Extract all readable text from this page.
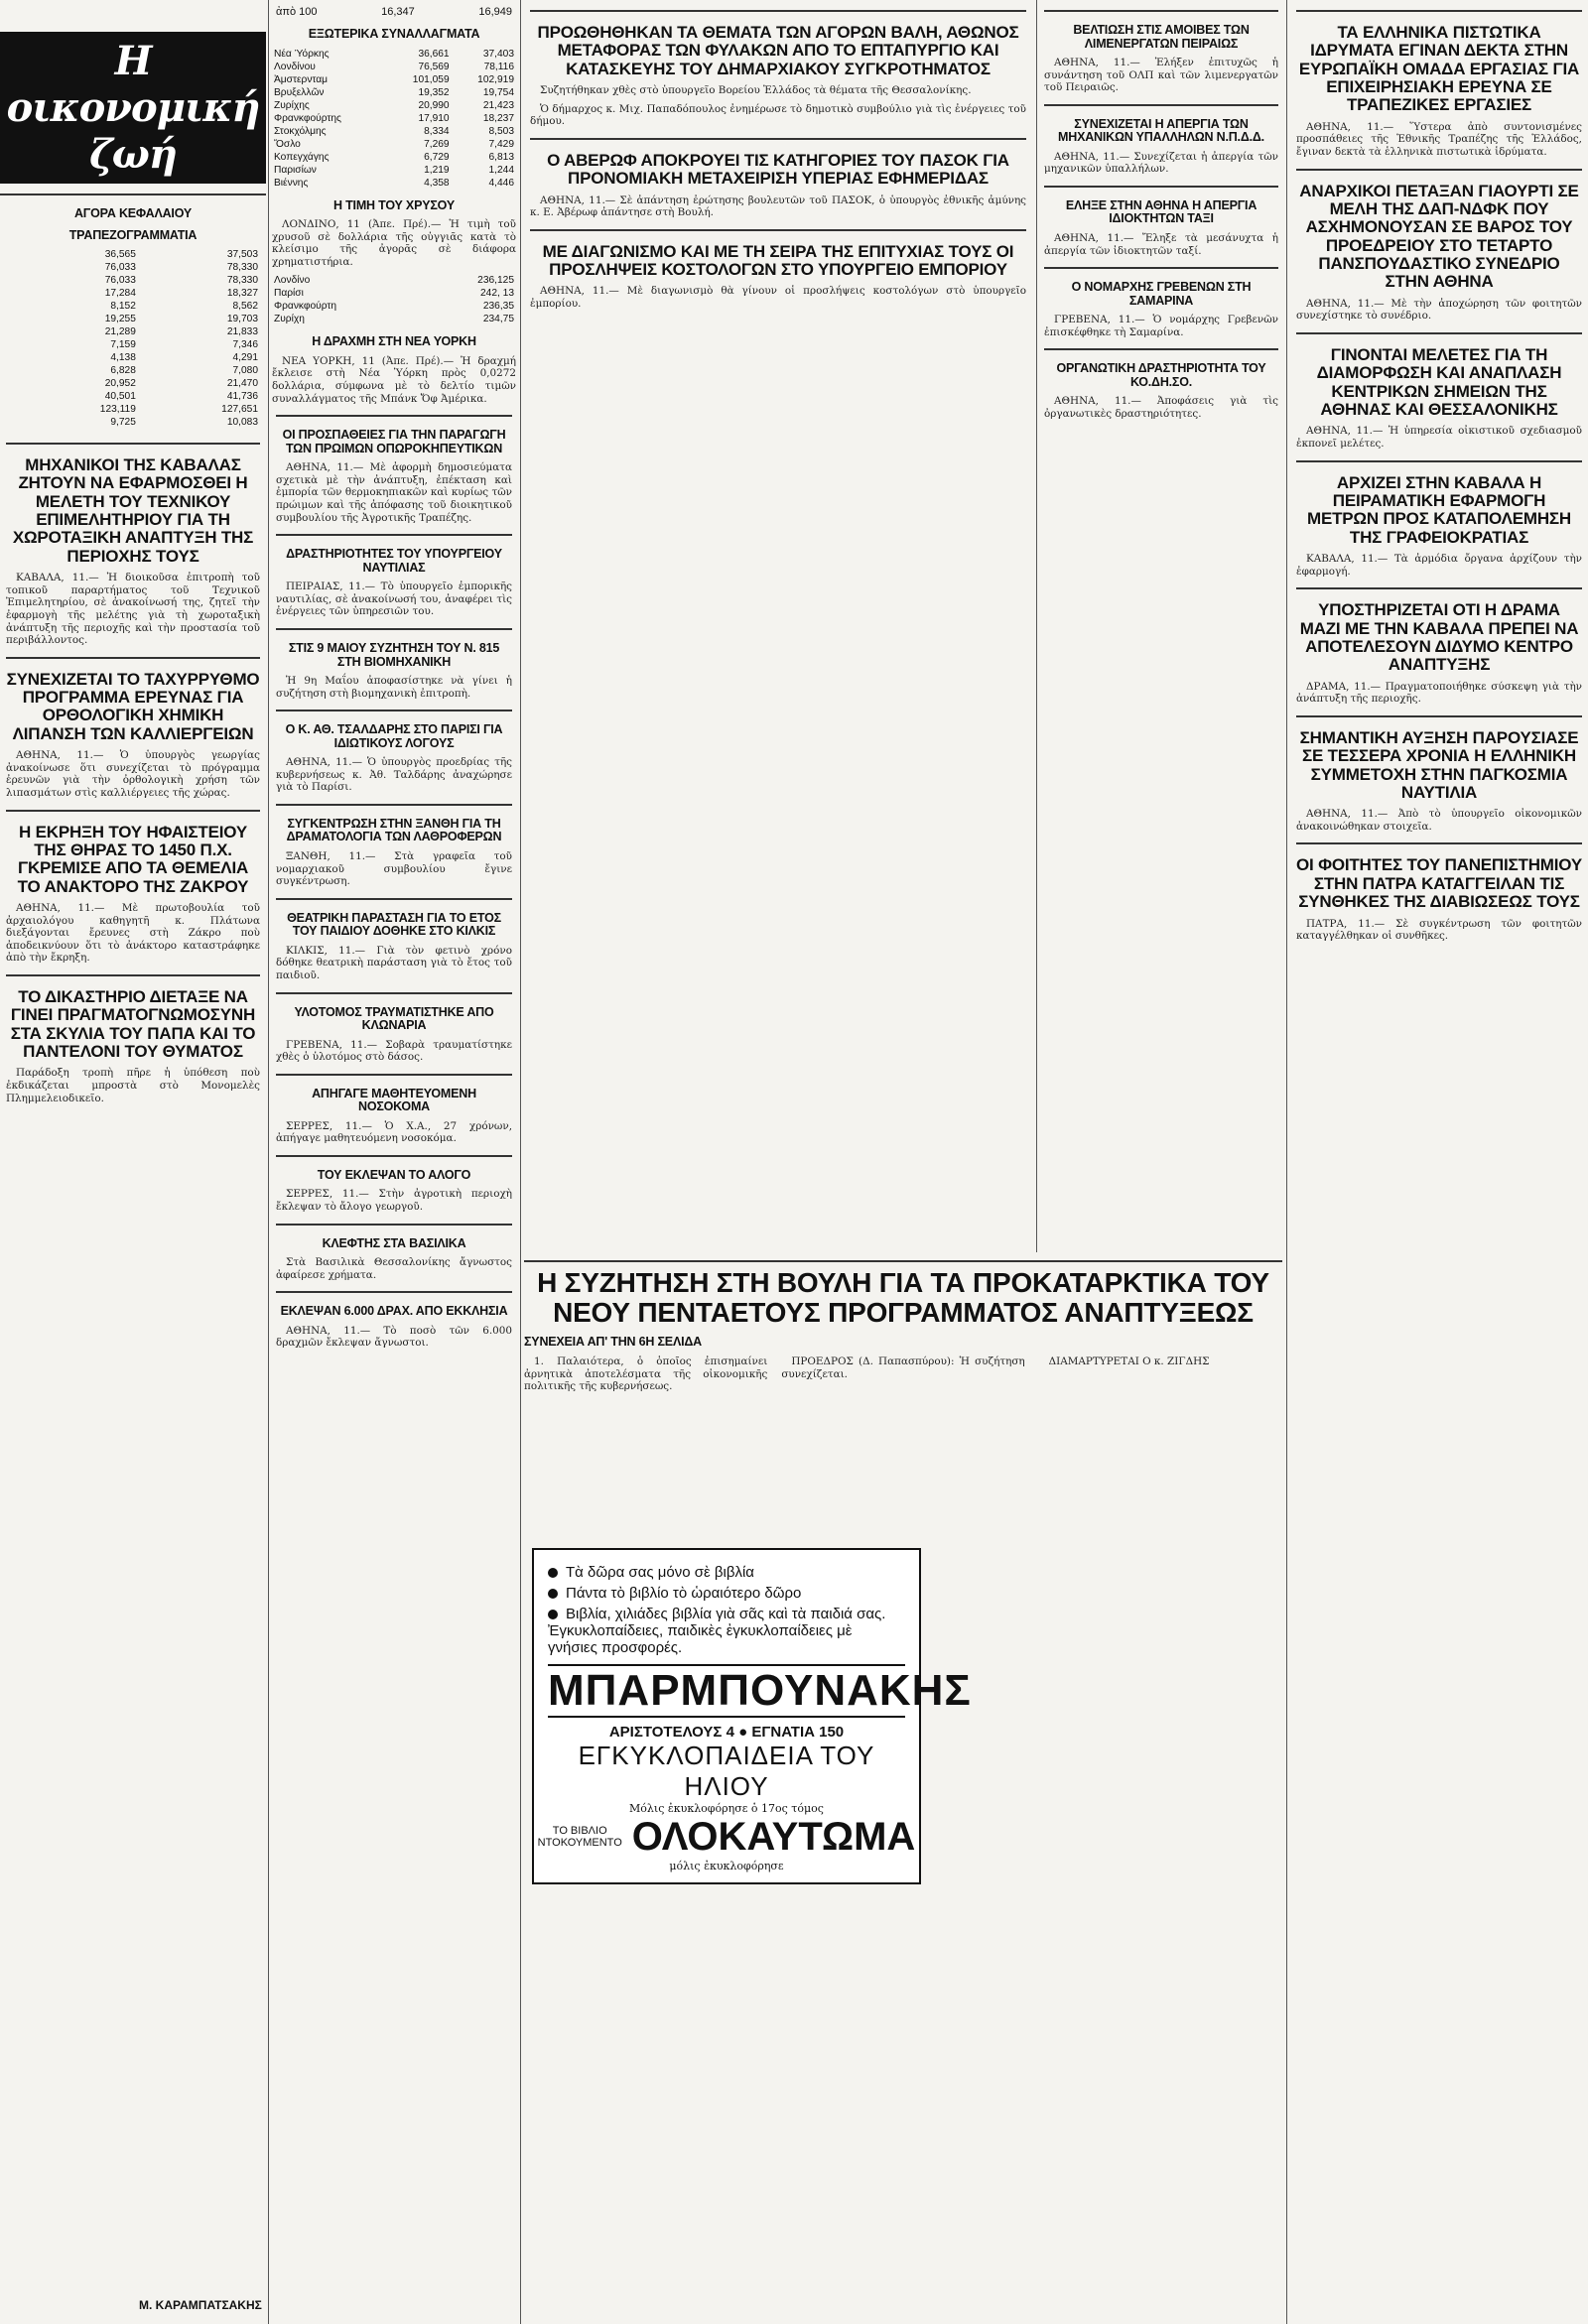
Η οικονομική ζωή
ΑΓΟΡΑ ΚΕΦΑΛΑΙΟΥ
ΤΡΑΠΕΖΟΓΡΑΜΜΑΤΙΑ
	36,565	37,503
	76,033	78,330
	76,033	78,330
	17,284	18,327
	8,152	8,562
	19,255	19,703
	21,289	21,833
	7,159	7,346
	4,138	4,291
	6,828	7,080
	20,952	21,470
	40,501	41,736
	123,119	127,651
	9,725	10,083
ΜΗΧΑΝΙΚΟΙ ΤΗΣ ΚΑΒΑΛΑΣ ΖΗΤΟΥΝ ΝΑ ΕΦΑΡΜΟΣΘΕΙ Η ΜΕΛΕΤΗ ΤΟΥ ΤΕΧΝΙΚΟΥ ΕΠΙΜΕΛΗΤΗΡΙΟΥ ΓΙΑ ΤΗ ΧΩΡΟΤΑΞΙΚΗ ΑΝΑΠΤΥΞΗ ΤΗΣ ΠΕΡΙΟΧΗΣ ΤΟΥΣ

ΚΑΒΑΛΑ, 11.— Ἡ διοικοῦσα ἐπιτροπὴ τοῦ τοπικοῦ παραρτήματος τοῦ Τεχνικοῦ Ἐπιμελητηρίου, σὲ ἀνακοίνωσή της, ζητεῖ τὴν ἐφαρμογὴ τῆς μελέτης γιὰ τὴ χωροταξικὴ ἀνάπτυξη τῆς περιοχῆς καὶ τὴν προστασία τοῦ περιβάλλοντος.

ΣΥΝΕΧΙΖΕΤΑΙ ΤΟ ΤΑΧΥΡΡΥΘΜΟ ΠΡΟΓΡΑΜΜΑ ΕΡΕΥΝΑΣ ΓΙΑ ΟΡΘΟΛΟΓΙΚΗ ΧΗΜΙΚΗ ΛΙΠΑΝΣΗ ΤΩΝ ΚΑΛΛΙΕΡΓΕΙΩΝ

ΑΘΗΝΑ, 11.— Ὁ ὑπουργὸς γεωργίας ἀνακοίνωσε ὅτι συνεχίζεται τὸ πρόγραμμα ἐρευνῶν γιὰ τὴν ὀρθολογικὴ χρήση τῶν λιπασμάτων στὶς καλλιέργειες τῆς χώρας.

Η ΕΚΡΗΞΗ ΤΟΥ ΗΦΑΙΣΤΕΙΟΥ ΤΗΣ ΘΗΡΑΣ ΤΟ 1450 Π.Χ. ΓΚΡΕΜΙΣΕ ΑΠΟ ΤΑ ΘΕΜΕΛΙΑ ΤΟ ΑΝΑΚΤΟΡΟ ΤΗΣ ΖΑΚΡΟΥ

ΑΘΗΝΑ, 11.— Μὲ πρωτοβουλία τοῦ ἀρχαιολόγου καθηγητῆ κ. Πλάτωνα διεξάγονται ἔρευνες στὴ Ζάκρο ποὺ ἀποδεικνύουν ὅτι τὸ ἀνάκτορο καταστράφηκε ἀπὸ τὴν ἔκρηξη.

ΤΟ ΔΙΚΑΣΤΗΡΙΟ ΔΙΕΤΑΞΕ ΝΑ ΓΙΝΕΙ ΠΡΑΓΜΑΤΟΓΝΩΜΟΣΥΝΗ ΣΤΑ ΣΚΥΛΙΑ ΤΟΥ ΠΑΠΑ ΚΑΙ ΤΟ ΠΑΝΤΕΛΟΝΙ ΤΟΥ ΘΥΜΑΤΟΣ

Παράδοξη τροπὴ πῆρε ἡ ὑπόθεση ποὺ ἐκδικάζεται μπροστὰ στὸ Μονομελὲς Πλημμελειοδικεῖο.

ἀπὸ 100	16,347	16,949
ΕΞΩΤΕΡΙΚΑ ΣΥΝΑΛΛΑΓΜΑΤΑ
Νέα Ύόρκης	36,661	37,403
Λονδίνου	76,569	78,116
Ἀμστερνταμ	101,059	102,919
Βρυξελλῶν	19,352	19,754
Ζυρίχης	20,990	21,423
Φρανκφούρτης	17,910	18,237
Στοκχόλμης	8,334	8,503
Ὄσλο	7,269	7,429
Κοπεγχάγης	6,729	6,813
Παρισίων	1,219	1,244
Βιέννης	4,358	4,446
Η ΤΙΜΗ ΤΟΥ ΧΡΥΣΟΥ

ΛΟΝΔΙΝΟ, 11 (Ἀπε. Πρέ).— Ἡ τιμὴ τοῦ χρυσοῦ σὲ δολλάρια τῆς οὐγγιᾶς κατὰ τὸ κλείσιμο τῆς ἀγορᾶς σὲ διάφορα χρηματιστήρια.

Λονδίνο	236,125
Παρίσι	242, 13
Φρανκφούρτη	236,35
Ζυρίχη	234,75
Η ΔΡΑΧΜΗ ΣΤΗ ΝΕΑ ΥΟΡΚΗ

ΝΕΑ ΥΟΡΚΗ, 11 (Ἀπε. Πρέ).— Ἡ δραχμή ἔκλεισε στὴ Νέα Ὑόρκη πρὸς 0,0272 δολλάρια, σύμφωνα μὲ τὸ δελτίο τιμῶν συναλλάγματος τῆς Μπάνκ Ὄφ Ἀμέρικα.

ΟΙ ΠΡΟΣΠΑΘΕΙΕΣ ΓΙΑ ΤΗΝ ΠΑΡΑΓΩΓΗ ΤΩΝ ΠΡΩΙΜΩΝ ΟΠΩΡΟΚΗΠΕΥΤΙΚΩΝ

ΑΘΗΝΑ, 11.— Μὲ ἀφορμὴ δημοσιεύματα σχετικὰ μὲ τὴν ἀνάπτυξη, ἐπέκταση καὶ ἐμπορία τῶν θερμοκηπιακῶν καὶ κυρίως τῶν πρώιμων καὶ τῆς ἀπόφασης τοῦ διοικητικοῦ συμβουλίου τῆς Ἀγροτικῆς Τραπέζης.

ΔΡΑΣΤΗΡΙΟΤΗΤΕΣ ΤΟΥ ΥΠΟΥΡΓΕΙΟΥ ΝΑΥΤΙΛΙΑΣ

ΠΕΙΡΑΙΑΣ, 11.— Τὸ ὑπουργεῖο ἐμπορικῆς ναυτιλίας, σὲ ἀνακοίνωσή του, ἀναφέρει τὶς ἐνέργειες τῶν ὑπηρεσιῶν του.

ΣΤΙΣ 9 ΜΑΙΟΥ ΣΥΖΗΤΗΣΗ ΤΟΥ Ν. 815 ΣΤΗ ΒΙΟΜΗΧΑΝΙΚΗ

Ἡ 9η Μαΐου ἀποφασίστηκε νὰ γίνει ἡ συζήτηση στὴ βιομηχανικὴ ἐπιτροπὴ.

Ο Κ. ΑΘ. ΤΣΑΛΔΑΡΗΣ ΣΤΟ ΠΑΡΙΣΙ ΓΙΑ ΙΔΙΩΤΙΚΟΥΣ ΛΟΓΟΥΣ

ΑΘΗΝΑ, 11.— Ὁ ὑπουργὸς προεδρίας τῆς κυβερνήσεως κ. Ἀθ. Ταλδάρης ἀναχώρησε γιὰ τὸ Παρίσι.

ΣΥΓΚΕΝΤΡΩΣΗ ΣΤΗΝ ΞΑΝΘΗ ΓΙΑ ΤΗ ΔΡΑΜΑΤΟΛΟΓΙΑ ΤΩΝ ΛΑΘΡΟΦΕΡΩΝ

ΞΑΝΘΗ, 11.— Στὰ γραφεῖα τοῦ νομαρχιακοῦ συμβουλίου ἔγινε συγκέντρωση.

ΘΕΑΤΡΙΚΗ ΠΑΡΑΣΤΑΣΗ ΓΙΑ ΤΟ ΕΤΟΣ ΤΟΥ ΠΑΙΔΙΟΥ ΔΟΘΗΚΕ ΣΤΟ ΚΙΛΚΙΣ

ΚΙΛΚΙΣ, 11.— Γιὰ τὸν φετινὸ χρόνο δόθηκε θεατρικὴ παράσταση γιὰ τὸ ἔτος τοῦ παιδιοῦ.

ΥΛΟΤΟΜΟΣ ΤΡΑΥΜΑΤΙΣΤΗΚΕ ΑΠΟ ΚΛΩΝΑΡΙΑ

ΓΡΕΒΕΝΑ, 11.— Σοβαρὰ τραυματίστηκε χθὲς ὁ ὑλοτόμος στὸ δάσος.

ΑΠΗΓΑΓΕ ΜΑΘΗΤΕΥΟΜΕΝΗ ΝΟΣΟΚΟΜΑ

ΣΕΡΡΕΣ, 11.— Ὁ Χ.Α., 27 χρόνων, ἀπήγαγε μαθητευόμενη νοσοκόμα.

ΤΟΥ ΕΚΛΕΨΑΝ ΤΟ ΑΛΟΓΟ

ΣΕΡΡΕΣ, 11.— Στὴν ἀγροτικὴ περιοχὴ ἔκλεψαν τὸ ἄλογο γεωργοῦ.

ΚΛΕΦΤΗΣ ΣΤΑ ΒΑΣΙΛΙΚΑ

Στὰ Βασιλικὰ Θεσσαλονίκης ἄγνωστος ἀφαίρεσε χρήματα.

ΕΚΛΕΨΑΝ 6.000 ΔΡΑΧ. ΑΠΟ ΕΚΚΛΗΣΙΑ

ΑΘΗΝΑ, 11.— Τὸ ποσὸ τῶν 6.000 δραχμῶν ἔκλεψαν ἄγνωστοι.

ΠΡΟΩΘΗΘΗΚΑΝ ΤΑ ΘΕΜΑΤΑ ΤΩΝ ΑΓΟΡΩΝ ΒΑΛΗ, ΑΘΩΝΟΣ ΜΕΤΑΦΟΡΑΣ ΤΩΝ ΦΥΛΑΚΩΝ ΑΠΟ ΤΟ ΕΠΤΑΠΥΡΓΙΟ ΚΑΙ ΚΑΤΑΣΚΕΥΗΣ ΤΟΥ ΔΗΜΑΡΧΙΑΚΟΥ ΣΥΓΚΡΟΤΗΜΑΤΟΣ

Συζητήθηκαν χθὲς στὸ ὑπουργεῖο Βορείου Ἑλλάδος τὰ θέματα τῆς Θεσσαλονίκης.

Ὁ δήμαρχος κ. Μιχ. Παπαδόπουλος ἐνημέρωσε τὸ δημοτικὸ συμβούλιο γιὰ τὶς ἐνέργειες τοῦ δήμου.

Ο ΑΒΕΡΩΦ ΑΠΟΚΡΟΥΕΙ ΤΙΣ ΚΑΤΗΓΟΡΙΕΣ ΤΟΥ ΠΑΣΟΚ ΓΙΑ ΠΡΟΝΟΜΙΑΚΗ ΜΕΤΑΧΕΙΡΙΣΗ ΥΠΕΡΙΑΣ ΕΦΗΜΕΡΙΔΑΣ

ΑΘΗΝΑ, 11.— Σὲ ἀπάντηση ἐρώτησης βουλευτῶν τοῦ ΠΑΣΟΚ, ὁ ὑπουργὸς ἐθνικῆς ἀμύνης κ. Ε. Ἀβέρωφ ἀπάντησε στὴ Βουλή.

ΜΕ ΔΙΑΓΩΝΙΣΜΟ ΚΑΙ ΜΕ ΤΗ ΣΕΙΡΑ ΤΗΣ ΕΠΙΤΥΧΙΑΣ ΤΟΥΣ ΟΙ ΠΡΟΣΛΗΨΕΙΣ ΚΟΣΤΟΛΟΓΩΝ ΣΤΟ ΥΠΟΥΡΓΕΙΟ ΕΜΠΟΡΙΟΥ

ΑΘΗΝΑ, 11.— Μὲ διαγωνισμὸ θὰ γίνουν οἱ προσλήψεις κοστολόγων στὸ ὑπουργεῖο ἐμπορίου.

ΒΕΛΤΙΩΣΗ ΣΤΙΣ ΑΜΟΙΒΕΣ ΤΩΝ ΛΙΜΕΝΕΡΓΑΤΩΝ ΠΕΙΡΑΙΩΣ

ΑΘΗΝΑ, 11.— Ἐλήξεν ἐπιτυχῶς ἡ συνάντηση τοῦ ΟΛΠ καὶ τῶν λιμενεργατῶν τοῦ Πειραιῶς.

ΣΥΝΕΧΙΖΕΤΑΙ Η ΑΠΕΡΓΙΑ ΤΩΝ ΜΗΧΑΝΙΚΩΝ ΥΠΑΛΛΗΛΩΝ Ν.Π.Δ.Δ.

ΑΘΗΝΑ, 11.— Συνεχίζεται ἡ ἀπεργία τῶν μηχανικῶν ὑπαλλήλων.

ΕΛΗΞΕ ΣΤΗΝ ΑΘΗΝΑ Η ΑΠΕΡΓΙΑ ΙΔΙΟΚΤΗΤΩΝ ΤΑΞΙ

ΑΘΗΝΑ, 11.— Ἔληξε τὰ μεσάνυχτα ἡ ἀπεργία τῶν ἰδιοκτητῶν ταξί.

Ο ΝΟΜΑΡΧΗΣ ΓΡΕΒΕΝΩΝ ΣΤΗ ΣΑΜΑΡΙΝΑ

ΓΡΕΒΕΝΑ, 11.— Ὁ νομάρχης Γρεβενῶν ἐπισκέφθηκε τὴ Σαμαρίνα.

ΟΡΓΑΝΩΤΙΚΗ ΔΡΑΣΤΗΡΙΟΤΗΤΑ ΤΟΥ ΚΟ.ΔΗ.ΣΟ.

ΑΘΗΝΑ, 11.— Ἀποφάσεις γιὰ τὶς ὀργανωτικὲς δραστηριότητες.

Η ΣΥΖΗΤΗΣΗ ΣΤΗ ΒΟΥΛΗ ΓΙΑ ΤΑ ΠΡΟΚΑΤΑΡΚΤΙΚΑ ΤΟΥ ΝΕΟΥ ΠΕΝΤΑΕΤΟΥΣ ΠΡΟΓΡΑΜΜΑΤΟΣ ΑΝΑΠΤΥΞΕΩΣ
ΣΥΝΕΧΕΙΑ ΑΠ' ΤΗΝ 6Η ΣΕΛΙΔΑ

1. Παλαιότερα, ὁ ὁποῖος ἐπισημαίνει ἀρνητικὰ ἀποτελέσματα τῆς οἰκονομικῆς πολιτικῆς τῆς κυβερνήσεως.

ΠΡΟΕΔΡΟΣ (Δ. Παπασπύρου): Ἡ συζήτηση συνεχίζεται.

ΔΙΑΜΑΡΤΥΡΕΤΑΙ Ο κ. ΖΙΓΔΗΣ

Τὰ δῶρα σας μόνο σὲ βιβλία
Πάντα τὸ βιβλίο τὸ ὡραιότερο δῶρο
Βιβλία, χιλιάδες βιβλία γιὰ σᾶς καὶ τὰ παιδιά σας. Ἐγκυκλοπαίδειες, παιδικὲς ἐγκυκλοπαίδειες μὲ γνήσιες προσφορές.
ΜΠΑΡΜΠΟΥΝΑΚΗΣ
ΑΡΙΣΤΟΤΕΛΟΥΣ 4 ● ΕΓΝΑΤΙΑ 150
ΕΓΚΥΚΛΟΠΑΙΔΕΙΑ ΤΟΥ ΗΛΙΟΥ
Μόλις ἐκυκλοφόρησε ὁ 17ος τόμος
ΤΟ ΒΙΒΛΙΟ ΝΤΟΚΟΥΜΕΝΤΟ ΟΛΟΚΑΥΤΩΜΑ
μόλις ἐκυκλοφόρησε
ΤΑ ΕΛΛΗΝΙΚΑ ΠΙΣΤΩΤΙΚΑ ΙΔΡΥΜΑΤΑ ΕΓΙΝΑΝ ΔΕΚΤΑ ΣΤΗΝ ΕΥΡΩΠΑΪΚΗ ΟΜΑΔΑ ΕΡΓΑΣΙΑΣ ΓΙΑ ΕΠΙΧΕΙΡΗΣΙΑΚΗ ΕΡΕΥΝΑ ΣΕ ΤΡΑΠΕΖΙΚΕΣ ΕΡΓΑΣΙΕΣ

ΑΘΗΝΑ, 11.— Ὕστερα ἀπὸ συντονισμένες προσπάθειες τῆς Ἑθνικῆς Τραπέζης τῆς Ἑλλάδος, ἔγιναν δεκτὰ τὰ ἑλληνικὰ πιστωτικὰ ἱδρύματα.

ΑΝΑΡΧΙΚΟΙ ΠΕΤΑΞΑΝ ΓΙΑΟΥΡΤΙ ΣΕ ΜΕΛΗ ΤΗΣ ΔΑΠ-ΝΔΦΚ ΠΟΥ ΑΣΧΗΜΟΝΟΥΣΑΝ ΣΕ ΒΑΡΟΣ ΤΟΥ ΠΡΟΕΔΡΕΙΟΥ ΣΤΟ ΤΕΤΑΡΤΟ ΠΑΝΣΠΟΥΔΑΣΤΙΚΟ ΣΥΝΕΔΡΙΟ ΣΤΗΝ ΑΘΗΝΑ

ΑΘΗΝΑ, 11.— Μὲ τὴν ἀποχώρηση τῶν φοιτητῶν συνεχίστηκε τὸ συνέδριο.

ΓΙΝΟΝΤΑΙ ΜΕΛΕΤΕΣ ΓΙΑ ΤΗ ΔΙΑΜΟΡΦΩΣΗ ΚΑΙ ΑΝΑΠΛΑΣΗ ΚΕΝΤΡΙΚΩΝ ΣΗΜΕΙΩΝ ΤΗΣ ΑΘΗΝΑΣ ΚΑΙ ΘΕΣΣΑΛΟΝΙΚΗΣ

ΑΘΗΝΑ, 11.— Ἡ ὑπηρεσία οἰκιστικοῦ σχεδιασμοῦ ἐκπονεῖ μελέτες.

ΑΡΧΙΖΕΙ ΣΤΗΝ ΚΑΒΑΛΑ Η ΠΕΙΡΑΜΑΤΙΚΗ ΕΦΑΡΜΟΓΗ ΜΕΤΡΩΝ ΠΡΟΣ ΚΑΤΑΠΟΛΕΜΗΣΗ ΤΗΣ ΓΡΑΦΕΙΟΚΡΑΤΙΑΣ

ΚΑΒΑΛΑ, 11.— Τὰ ἀρμόδια ὄργανα ἀρχίζουν τὴν ἐφαρμογή.

ΥΠΟΣΤΗΡΙΖΕΤΑΙ ΟΤΙ Η ΔΡΑΜΑ ΜΑΖΙ ΜΕ ΤΗΝ ΚΑΒΑΛΑ ΠΡΕΠΕΙ ΝΑ ΑΠΟΤΕΛΕΣΟΥΝ ΔΙΔΥΜΟ ΚΕΝΤΡΟ ΑΝΑΠΤΥΞΗΣ

ΔΡΑΜΑ, 11.— Πραγματοποιήθηκε σύσκεψη γιὰ τὴν ἀνάπτυξη τῆς περιοχῆς.

ΣΗΜΑΝΤΙΚΗ ΑΥΞΗΣΗ ΠΑΡΟΥΣΙΑΣΕ ΣΕ ΤΕΣΣΕΡΑ ΧΡΟΝΙΑ Η ΕΛΛΗΝΙΚΗ ΣΥΜΜΕΤΟΧΗ ΣΤΗΝ ΠΑΓΚΟΣΜΙΑ ΝΑΥΤΙΛΙΑ

ΑΘΗΝΑ, 11.— Ἀπὸ τὸ ὑπουργεῖο οἰκονομικῶν ἀνακοινώθηκαν στοιχεῖα.

ΟΙ ΦΟΙΤΗΤΕΣ ΤΟΥ ΠΑΝΕΠΙΣΤΗΜΙΟΥ ΣΤΗΝ ΠΑΤΡΑ ΚΑΤΑΓΓΕΙΛΑΝ ΤΙΣ ΣΥΝΘΗΚΕΣ ΤΗΣ ΔΙΑΒΙΩΣΕΩΣ ΤΟΥΣ

ΠΑΤΡΑ, 11.— Σὲ συγκέντρωση τῶν φοιτητῶν καταγγέλθηκαν οἱ συνθῆκες.

Μ. ΚΑΡΑΜΠΑΤΣΑΚΗΣ
